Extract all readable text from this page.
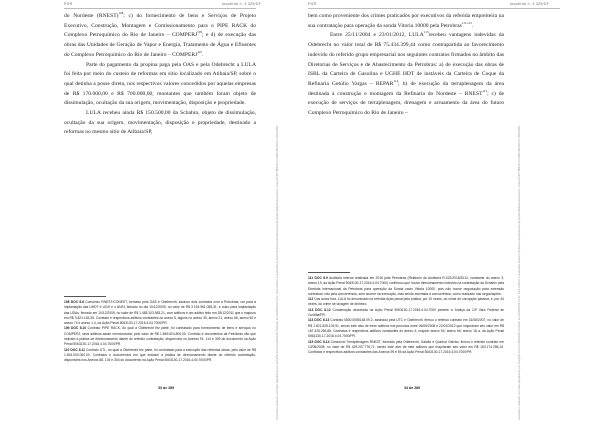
PGR	Inquérito n. 4.325/DF

do Nordeste (RNEST)$^{108}$; c) do fornecimento de bens e Serviços de Projeto Executivo, Construção, Montagem e Comissionamento para o PIPE RACK do Complexo Petroquímico do Rio de Janeiro – COMPERJ$^{109}$; e d) de execução das obras das Unidades de Geração de Vapor e Energia, Tratamento de Água e Efluentes do Complexo Petroquímico do Rio de Janeiro – COMPERJ$^{110}$.

Parte do pagamento da propina paga pela OAS e pela Odebrecht a LULA foi feita por meio do custeio de reformas em sítio localizado em Atibaia/SP, sobre o qual detinha a posse direta, nos respectivos valores concedidos por aquelas empresas de R$ 170.000,00 e R$ 700.000,00, montantes que também foram objeto de dissimulação, ocultação da sua origem, movimentação, disposição e propriedade.

LULA recebeu ainda R$ 150.500,00 da Schahin, objeto de dissimulação, ocultação da sua origem, movimentação, disposição e propriedade, destinado a reformas no mesmo sítio de Atibaia/SP,

108 DOC 8.8 Consórcio RNEST/CONEST, formado pela OAS e Odebrecht, assinou dois contratos com a Petrobras, um para a implantação das UHDT e UGH e o ANSI, firmado no dia 10/12/2009, no valor de R$ 3.194.961.085,31, e outro para implantação das UDAs, firmado em 10/12/2009, no valor de R$ 1.485.103.583,21, com aditivos e um aditivo feito em 28/12/2011 que o majorou em R$ 3.821.163,35. Constam e respectivos aditivos constantes do anexo 5, alguns no anexo 39, anexo 21, anexo 66, anexo 50 e anexo 74 e anexo 1.4, da Ação Penal 5063130-17.2016.4.04.7000/PR.

109 DOC 8.10 Contrato PIPE RACK, do qual a Odebrecht fez parte, foi contratado para fornecimento de bens e serviços no COMPERJ, seus aditivos assim mencionados, pelo valor de R$ 1.869.624.800,00. Contrato e documentos da Petrobras vão que indicam a prática de direcionamento diante do referido contratação, disponíveis no Anexos 91, 114 e 305 do documento na Ação Penal 5063130-17.2016.4.04.7000/PR.

110 DOC 8.11 Contrato UTL, do qual a Odebrecht fez parte, foi contratado para a execução das referidas obras, pelo valor de R$ 1.824.000.000,00. Contratos e documentos em que indicam a prática de direcionamento diante do referido contratação, disponíveis nos Anexos 88, 104 e 304 do documento na Ação Penal 5063130-17.2016.4.04.7000/PR.

33 de 289	Documento assinado via Token digitalmente por RAQUEL ELIAS FERREIRA DODGE, em 24/05/2019 14:32. Para verificar a assinatura acesse http://www.transparencia.mpf.mp.br/validacaodocumento. Chave 8C6C7B8E.DCA7A5B3.46A1B1C0.10F4C8D2
PGR	Inquérito n. 4.325/DF

bem como proveniente dos crimes praticados por executivos da referida empreiteira na sua contratação para operação da sonda Vitoria 10000 pela Petrobras$^{111,112}$.

Entre 25/11/2004 e 23/01/2012, LULA$^{113}$recebeu vantagens indevidas da Odebrecht no valor total de R$ 75.434.399,44 como contrapartida ao favorecimento indevido do referido grupo empresarial nos seguintes contratos firmados no âmbito das Diretorias de Serviços e de Abastecimento da Petrobras: a) de execução das obras de ISBL da Carteira de Gasolina e UGHE HDT de instáveis da Carteira de Coque da Refinaria Getúlio Vargas – REPAR$^{114}$; b) de execução da terraplenagem da área destinada à construção e montagem da Refinaria do Nordeste – RNEST$^{115}$; c) de execução de serviços de terraplenagem, drenagem e arruamento da área do futuro Complexo Petroquímico do Rio de Janeiro –

111 DOC 8.9 Auditoria interna realizada em 2016 pela Petrobras (Relatório de Auditoria R-022/2016/2014, constante do anexo 3, anexo 19, da Ação Penal 5063130-17.2016.4.04.7000) confirmou que houve direcionamento indevido na contratação da Schahin pela Diretoria Internacional da Petrobras para operação da Sonda navio Vitoria 10000, pois não houve negociação para extensão contratual, não pela concorrência, sem ocorrer na execução, mas sendo aventada a concorrência, como realizado nas negociações.

112 Dos autos fora, LULA foi denunciado na referida Ação penal pela prática, por 10 vezes, do crime de corrupção passiva, e, por 44 vezes, do crime de lavagem de dinheiro.

113 DOC 8.12 Condenação decretada na Ação Penal 5063130-17.2016.4.04.7000 perante a Justiça da 13ª Vara Federal de Curitiba/PR.

114 DOC 8.13 Contrato 0800.0055148.09.2, assinado pela UTC e Odebrecht, firmou o referido contrato em 31/08/2007, no valor de R$ 1.821.828.125,91, sendo este alvo de treze aditivos nos períodos entre 06/06/2008 e 22/01/2012 que majoraram seu valor em R$ 167.425.296,88. Contratos e respectivos aditivos constantes do anexo 4, mapeio anexo 54, anexo 66, anexo 18 a, da Ação Penal 5063130-17.2016.4.04.7000/PR.

115 DOC 8.14 Consórcio Terraplenagem RNEST, formado pela Odebrecht, Galvão e Queiroz Galvão, firmou o referido contrato em 13/06/2008, no valor de R$ 429.207.776,71, sendo este alvo de sete aditivos que majoraram seu valor em R$ 183.174.256,10. Contratos e respectivos aditivos constantes dos Anexos 99 e 55 da Ação Penal 5063130-17.2016.4.04.7000/PR.

34 de 289	Documento assinado via Token digitalmente por RAQUEL ELIAS FERREIRA DODGE, em 24/05/2019 14:32. Para verificar a assinatura acesse http://www.transparencia.mpf.mp.br/validacaodocumento. Chave 8C6C7B8E.DCA7A5B3.46A1B1C0.10F4C8D2
